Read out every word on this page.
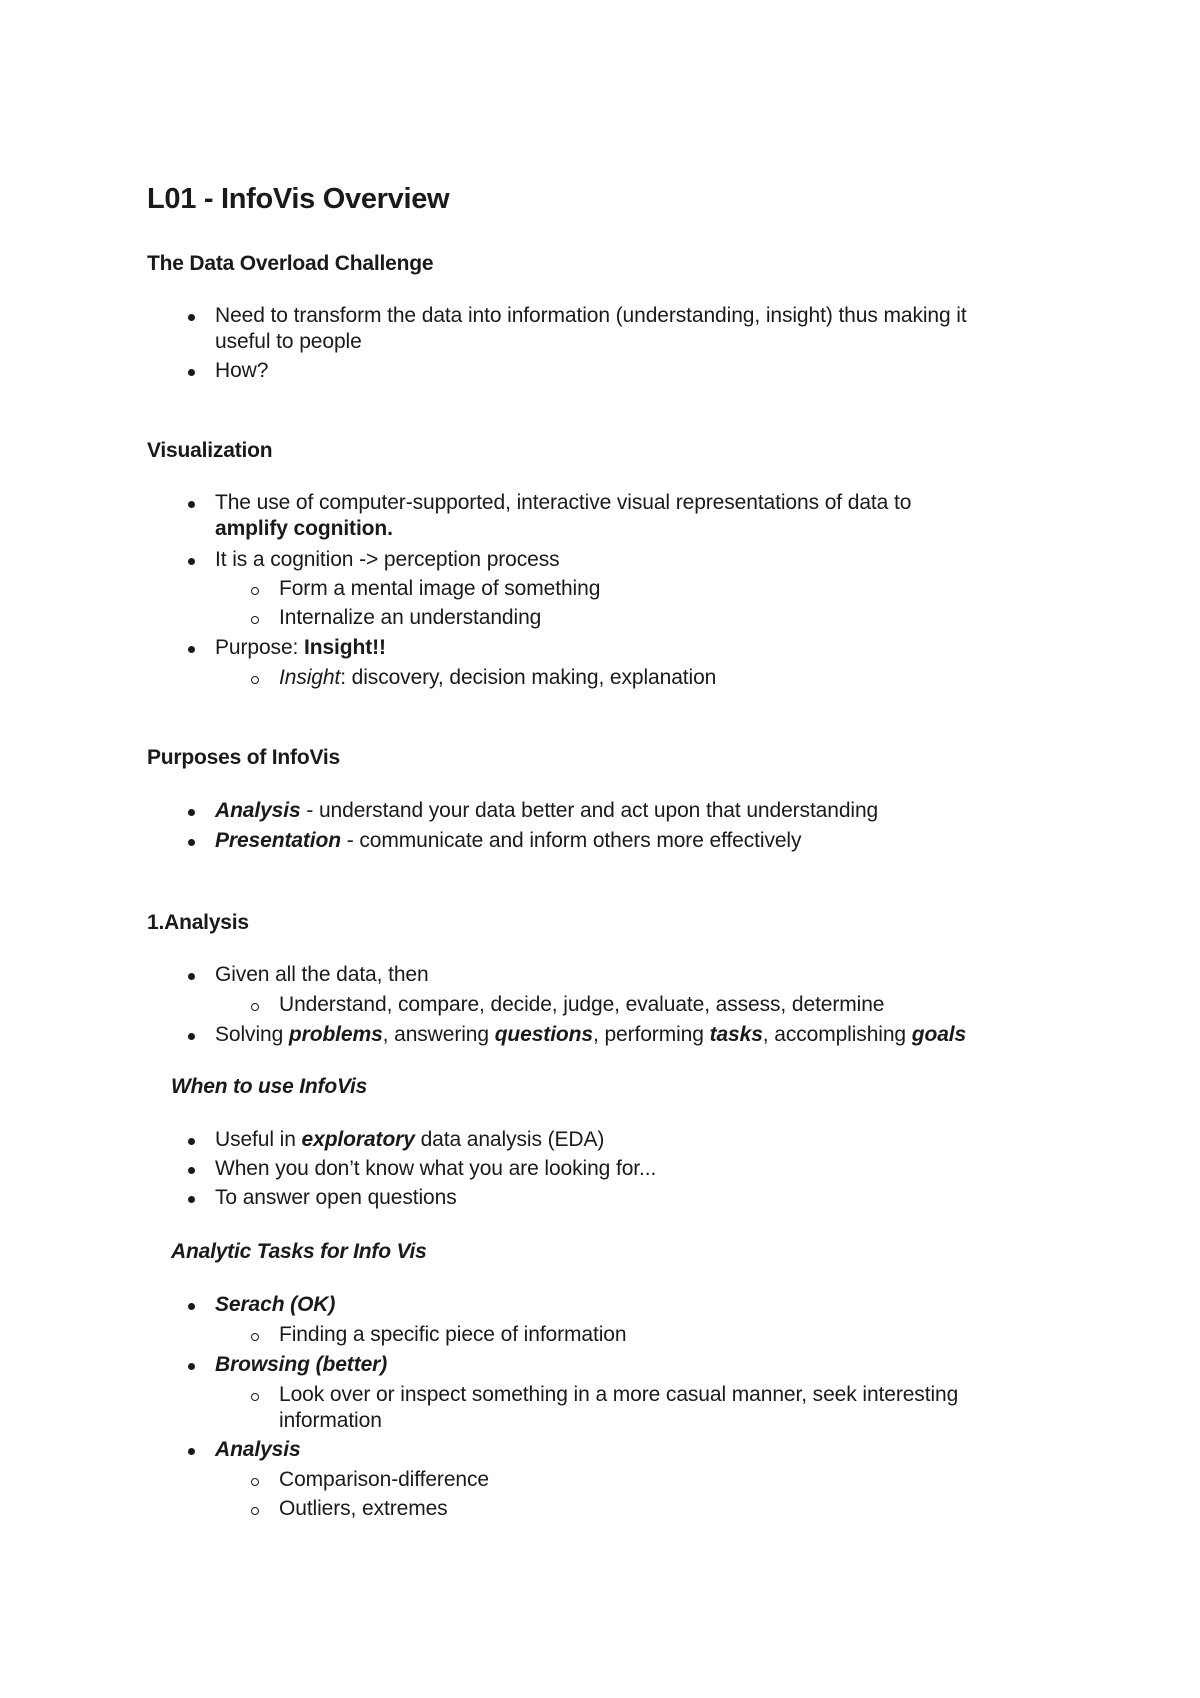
L01 - InfoVis Overview
The Data Overload Challenge
Need to transform the data into information (understanding, insight) thus making it
useful to people
How?
Visualization
The use of computer-supported, interactive visual representations of data to
amplify cognition.
It is a cognition -> perception process
Form a mental image of something
Internalize an understanding
Purpose: Insight!!
Insight: discovery, decision making, explanation
Purposes of InfoVis
Analysis - understand your data better and act upon that understanding
Presentation - communicate and inform others more effectively
1.Analysis
Given all the data, then
Understand, compare, decide, judge, evaluate, assess, determine
Solving problems, answering questions, performing tasks, accomplishing goals
When to use InfoVis
Useful in exploratory data analysis (EDA)
When you don’t know what you are looking for...
To answer open questions
Analytic Tasks for Info Vis
Serach (OK)
Finding a specific piece of information
Browsing (better)
Look over or inspect something in a more casual manner, seek interesting
information
Analysis
Comparison-difference
Outliers, extremes
